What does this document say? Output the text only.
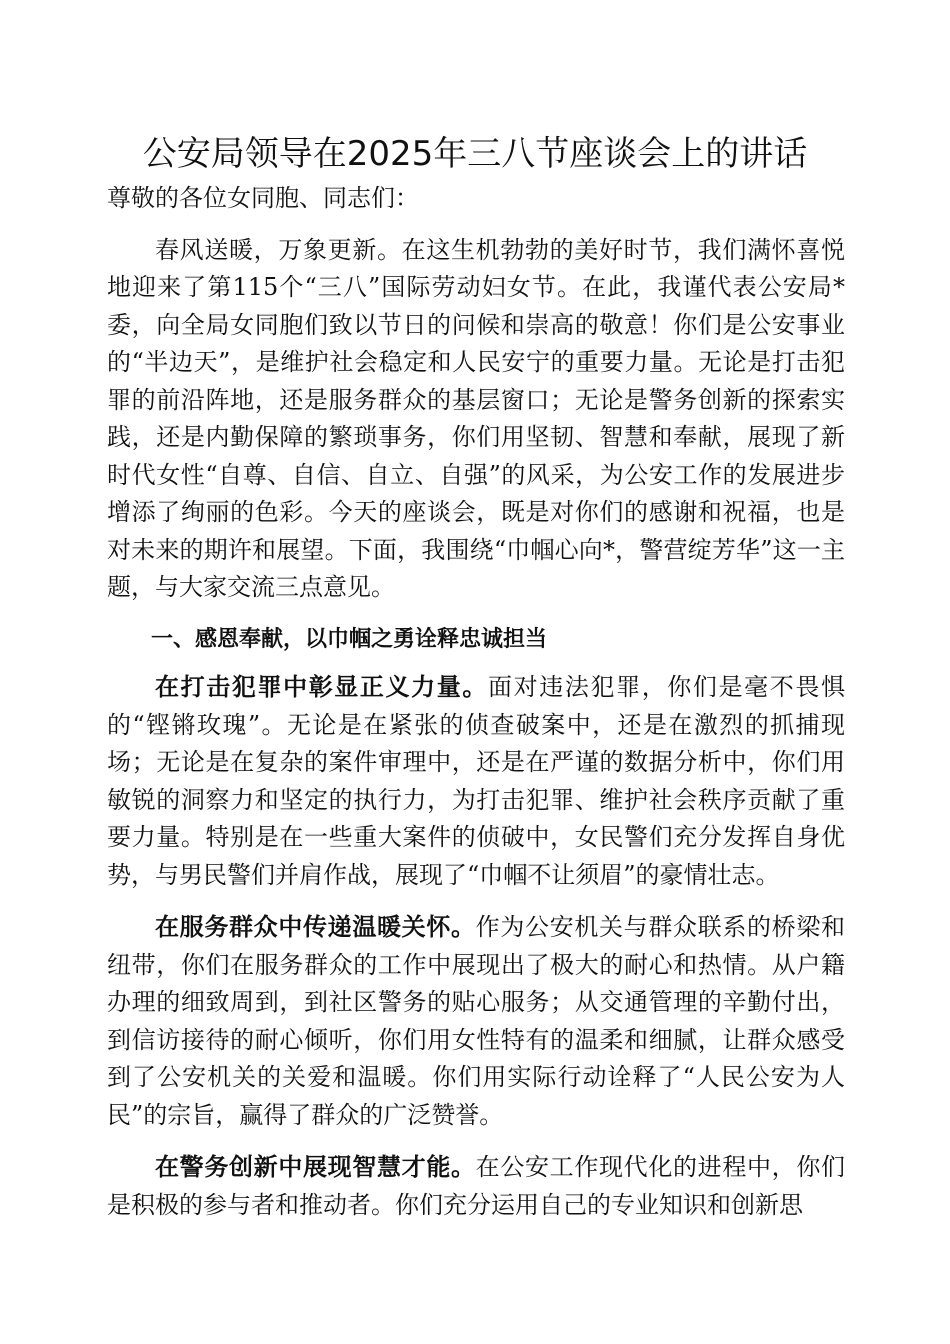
公安局领导在2025年三八节座谈会上的讲话

尊敬的各位女同胞、同志们：

春风送暖，万象更新。在这生机勃勃的美好时节，我们满怀喜悦地迎来了第115个“三八”国际劳动妇女节。在此，我谨代表公安局*委，向全局女同胞们致以节日的问候和崇高的敬意！你们是公安事业的“半边天”，是维护社会稳定和人民安宁的重要力量。无论是打击犯罪的前沿阵地，还是服务群众的基层窗口；无论是警务创新的探索实践，还是内勤保障的繁琐事务，你们用坚韧、智慧和奉献，展现了新时代女性“自尊、自信、自立、自强”的风采，为公安工作的发展进步增添了绚丽的色彩。今天的座谈会，既是对你们的感谢和祝福，也是对未来的期许和展望。下面，我围绕“巾帼心向*，警营绽芳华”这一主题，与大家交流三点意见。

一、感恩奉献，以巾帼之勇诠释忠诚担当

在打击犯罪中彰显正义力量。面对违法犯罪，你们是毫不畏惧的“铿锵玫瑰”。无论是在紧张的侦查破案中，还是在激烈的抓捕现场；无论是在复杂的案件审理中，还是在严谨的数据分析中，你们用敏锐的洞察力和坚定的执行力，为打击犯罪、维护社会秩序贡献了重要力量。特别是在一些重大案件的侦破中，女民警们充分发挥自身优势，与男民警们并肩作战，展现了“巾帼不让须眉”的豪情壮志。

在服务群众中传递温暖关怀。作为公安机关与群众联系的桥梁和纽带，你们在服务群众的工作中展现出了极大的耐心和热情。从户籍办理的细致周到，到社区警务的贴心服务；从交通管理的辛勤付出，到信访接待的耐心倾听，你们用女性特有的温柔和细腻，让群众感受到了公安机关的关爱和温暖。你们用实际行动诠释了“人民公安为人民”的宗旨，赢得了群众的广泛赞誉。

在警务创新中展现智慧才能。在公安工作现代化的进程中，你们是积极的参与者和推动者。你们充分运用自己的专业知识和创新思
